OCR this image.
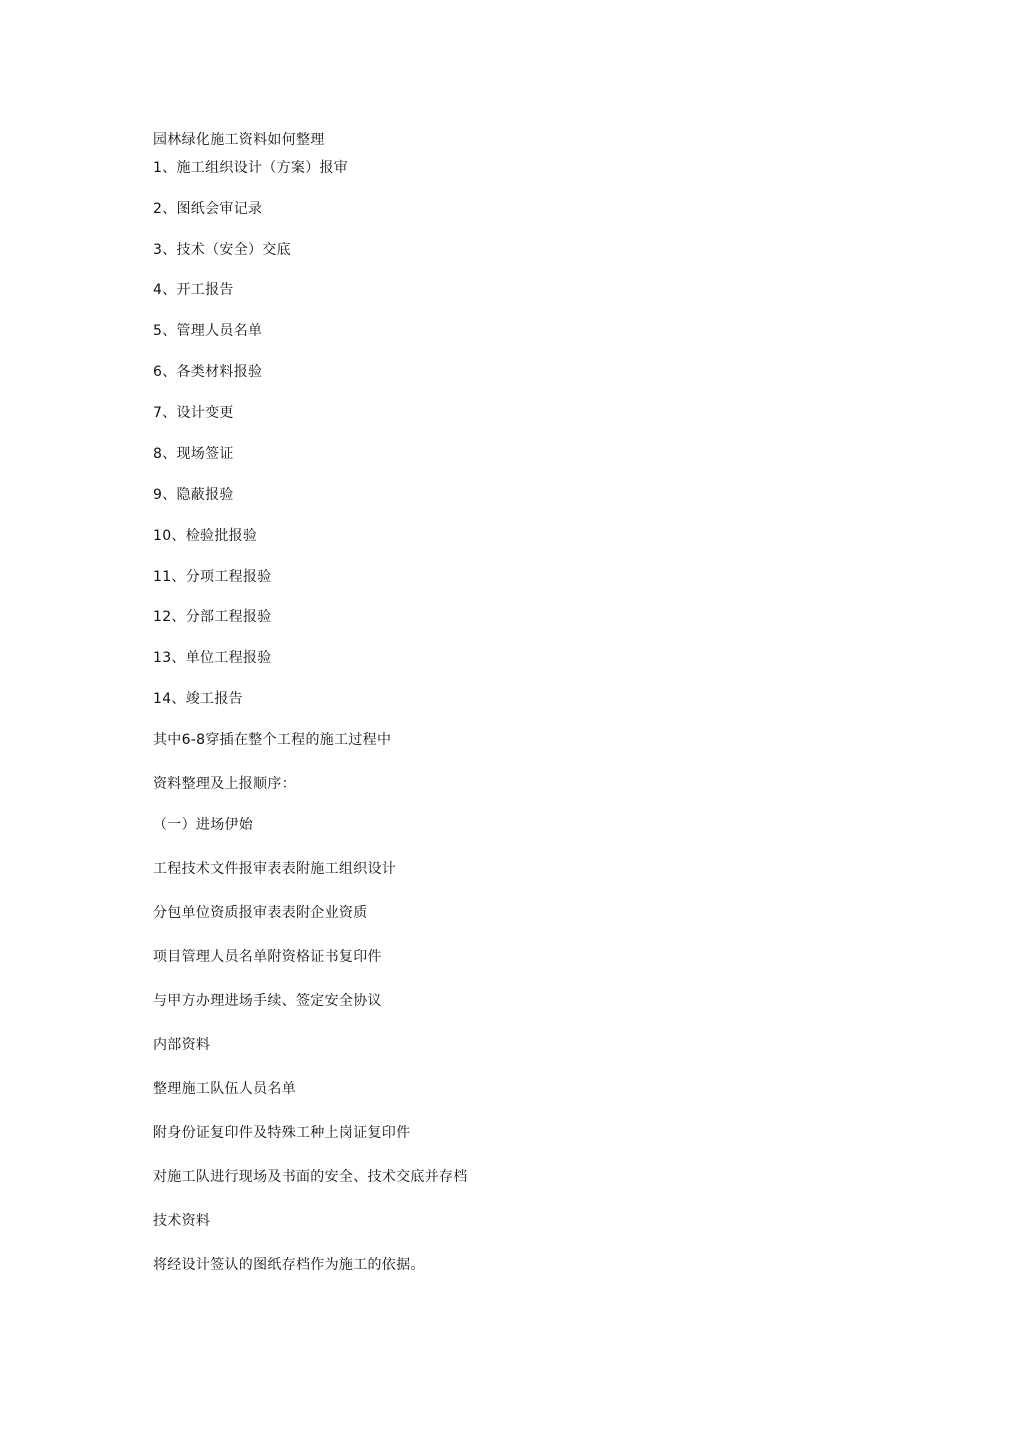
园林绿化施工资料如何整理
1、施工组织设计（方案）报审
2、图纸会审记录
3、技术（安全）交底
4、开工报告
5、管理人员名单
6、各类材料报验
7、设计变更
8、现场签证
9、隐蔽报验
10、检验批报验
11、分项工程报验
12、分部工程报验
13、单位工程报验
14、竣工报告
其中6-8穿插在整个工程的施工过程中
资料整理及上报顺序：
（一）进场伊始
工程技术文件报审表表附施工组织设计
分包单位资质报审表表附企业资质
项目管理人员名单附资格证书复印件
与甲方办理进场手续、签定安全协议
内部资料
整理施工队伍人员名单
附身份证复印件及特殊工种上岗证复印件
对施工队进行现场及书面的安全、技术交底并存档
技术资料
将经设计签认的图纸存档作为施工的依据。
